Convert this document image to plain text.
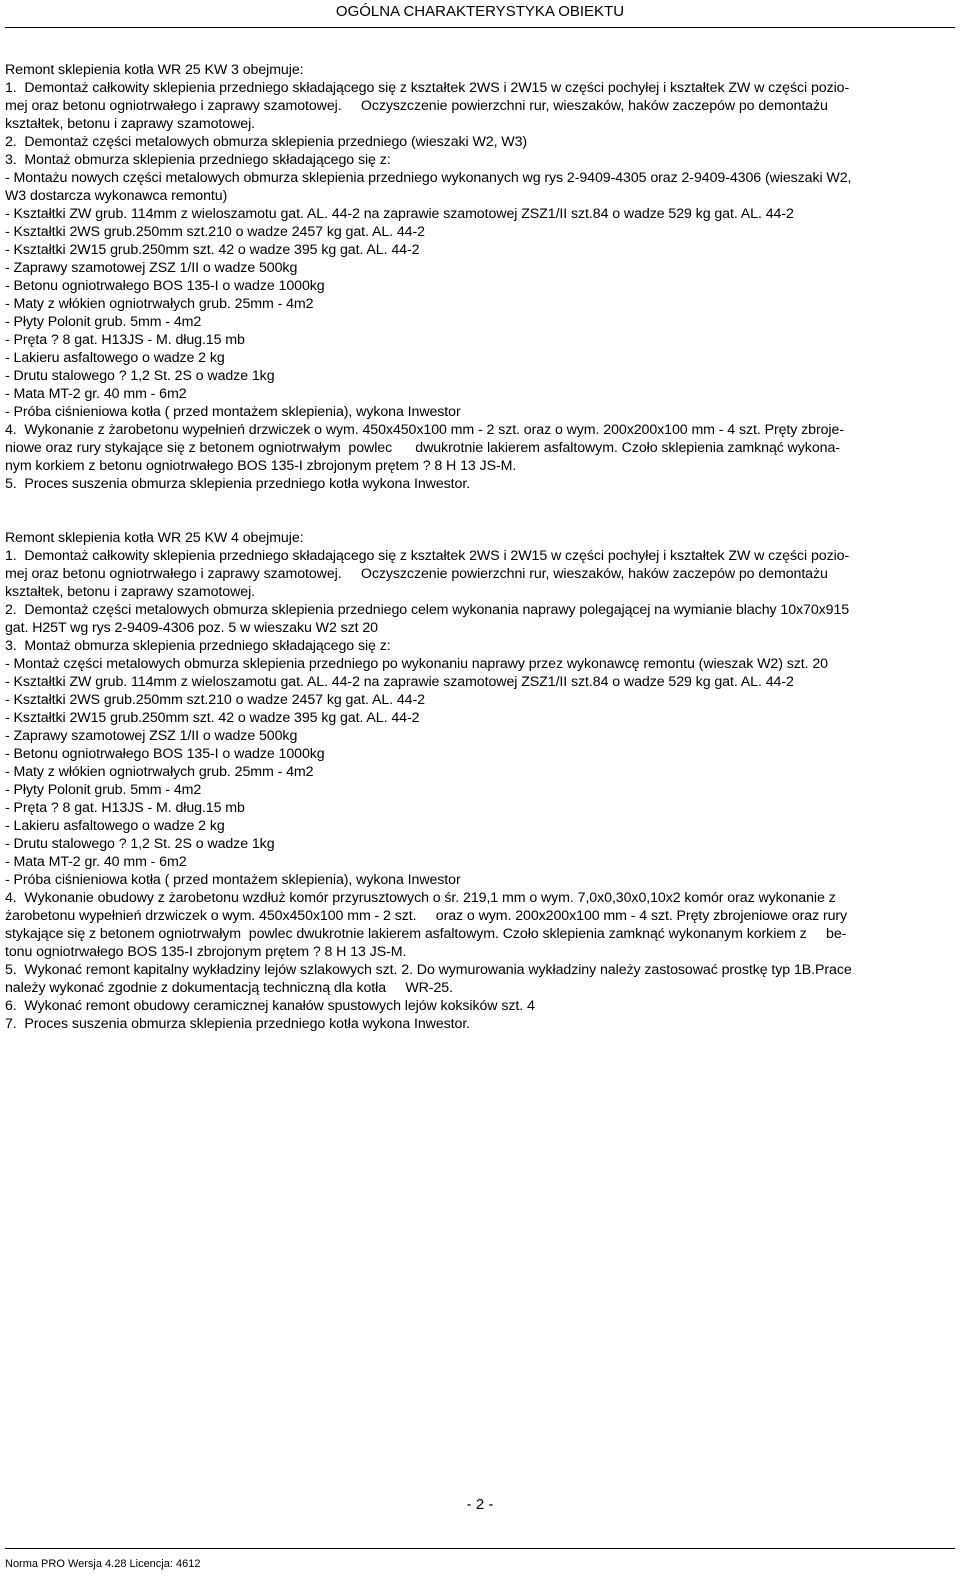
OGÓLNA CHARAKTERYSTYKA OBIEKTU
Remont sklepienia kotła WR 25 KW 3 obejmuje:
1.  Demontaż całkowity sklepienia przedniego składającego się z kształtek 2WS i 2W15 w części pochyłej i kształtek ZW w części pozio-
mej oraz betonu ogniotrwałego i zaprawy szamotowej.     Oczyszczenie powierzchni rur, wieszaków, haków zaczepów po demontażu
kształtek, betonu i zaprawy szamotowej.
2.  Demontaż części metalowych obmurza sklepienia przedniego (wieszaki W2, W3)
3.  Montaż obmurza sklepienia przedniego składającego się z:
- Montażu nowych części metalowych obmurza sklepienia przedniego wykonanych wg rys 2-9409-4305 oraz 2-9409-4306 (wieszaki W2,
W3 dostarcza wykonawca remontu)
- Kształtki ZW grub. 114mm z wieloszamotu gat. AL. 44-2 na zaprawie szamotowej ZSZ1/II szt.84 o wadze 529 kg gat. AL. 44-2
- Kształtki 2WS grub.250mm szt.210 o wadze 2457 kg gat. AL. 44-2
- Kształtki 2W15 grub.250mm szt. 42 o wadze 395 kg gat. AL. 44-2
- Zaprawy szamotowej ZSZ 1/II o wadze 500kg
- Betonu ogniotrwałego BOS 135-I o wadze 1000kg
- Maty z włókien ogniotrwałych grub. 25mm - 4m2
- Płyty Polonit grub. 5mm - 4m2
- Pręta ? 8 gat. H13JS - M. dług.15 mb
- Lakieru asfaltowego o wadze 2 kg
- Drutu stalowego ? 1,2 St. 2S o wadze 1kg
- Mata MT-2 gr. 40 mm - 6m2
- Próba ciśnieniowa kotła ( przed montażem sklepienia), wykona Inwestor
4.  Wykonanie z żarobetonu wypełnień drzwiczek o wym. 450x450x100 mm - 2 szt. oraz o wym. 200x200x100 mm - 4 szt. Pręty zbroje-
niowe oraz rury stykające się z betonem ogniotrwałym  powlec      dwukrotnie lakierem asfaltowym. Czoło sklepienia zamknąć wykona-
nym korkiem z betonu ogniotrwałego BOS 135-I zbrojonym prętem ? 8 H 13 JS-M.
5.  Proces suszenia obmurza sklepienia przedniego kotła wykona Inwestor.
Remont sklepienia kotła WR 25 KW 4 obejmuje:
1.  Demontaż całkowity sklepienia przedniego składającego się z kształtek 2WS i 2W15 w części pochyłej i kształtek ZW w części pozio-
mej oraz betonu ogniotrwałego i zaprawy szamotowej.     Oczyszczenie powierzchni rur, wieszaków, haków zaczepów po demontażu
kształtek, betonu i zaprawy szamotowej.
2.  Demontaż części metalowych obmurza sklepienia przedniego celem wykonania naprawy polegającej na wymianie blachy 10x70x915
gat. H25T wg rys 2-9409-4306 poz. 5 w wieszaku W2 szt 20
3.  Montaż obmurza sklepienia przedniego składającego się z:
- Montaż części metalowych obmurza sklepienia przedniego po wykonaniu naprawy przez wykonawcę remontu (wieszak W2) szt. 20
- Kształtki ZW grub. 114mm z wieloszamotu gat. AL. 44-2 na zaprawie szamotowej ZSZ1/II szt.84 o wadze 529 kg gat. AL. 44-2
- Kształtki 2WS grub.250mm szt.210 o wadze 2457 kg gat. AL. 44-2
- Kształtki 2W15 grub.250mm szt. 42 o wadze 395 kg gat. AL. 44-2
- Zaprawy szamotowej ZSZ 1/II o wadze 500kg
- Betonu ogniotrwałego BOS 135-I o wadze 1000kg
- Maty z włókien ogniotrwałych grub. 25mm - 4m2
- Płyty Polonit grub. 5mm - 4m2
- Pręta ? 8 gat. H13JS - M. dług.15 mb
- Lakieru asfaltowego o wadze 2 kg
- Drutu stalowego ? 1,2 St. 2S o wadze 1kg
- Mata MT-2 gr. 40 mm - 6m2
- Próba ciśnieniowa kotła ( przed montażem sklepienia), wykona Inwestor
4.  Wykonanie obudowy z żarobetonu wzdłuż komór przyrusztowych o śr. 219,1 mm o wym. 7,0x0,30x0,10x2 komór oraz wykonanie z
żarobetonu wypełnień drzwiczek o wym. 450x450x100 mm - 2 szt.     oraz o wym. 200x200x100 mm - 4 szt. Pręty zbrojeniowe oraz rury
stykające się z betonem ogniotrwałym  powlec dwukrotnie lakierem asfaltowym. Czoło sklepienia zamknąć wykonanym korkiem z     be-
tonu ogniotrwałego BOS 135-I zbrojonym prętem ? 8 H 13 JS-M.
5.  Wykonać remont kapitalny wykładziny lejów szlakowych szt. 2. Do wymurowania wykładziny należy zastosować prostkę typ 1B.Prace
należy wykonać zgodnie z dokumentacją techniczną dla kotła     WR-25.
6.  Wykonać remont obudowy ceramicznej kanałów spustowych lejów koksików szt. 4
7.  Proces suszenia obmurza sklepienia przedniego kotła wykona Inwestor.
- 2 -
Norma PRO Wersja 4.28 Licencja: 4612
